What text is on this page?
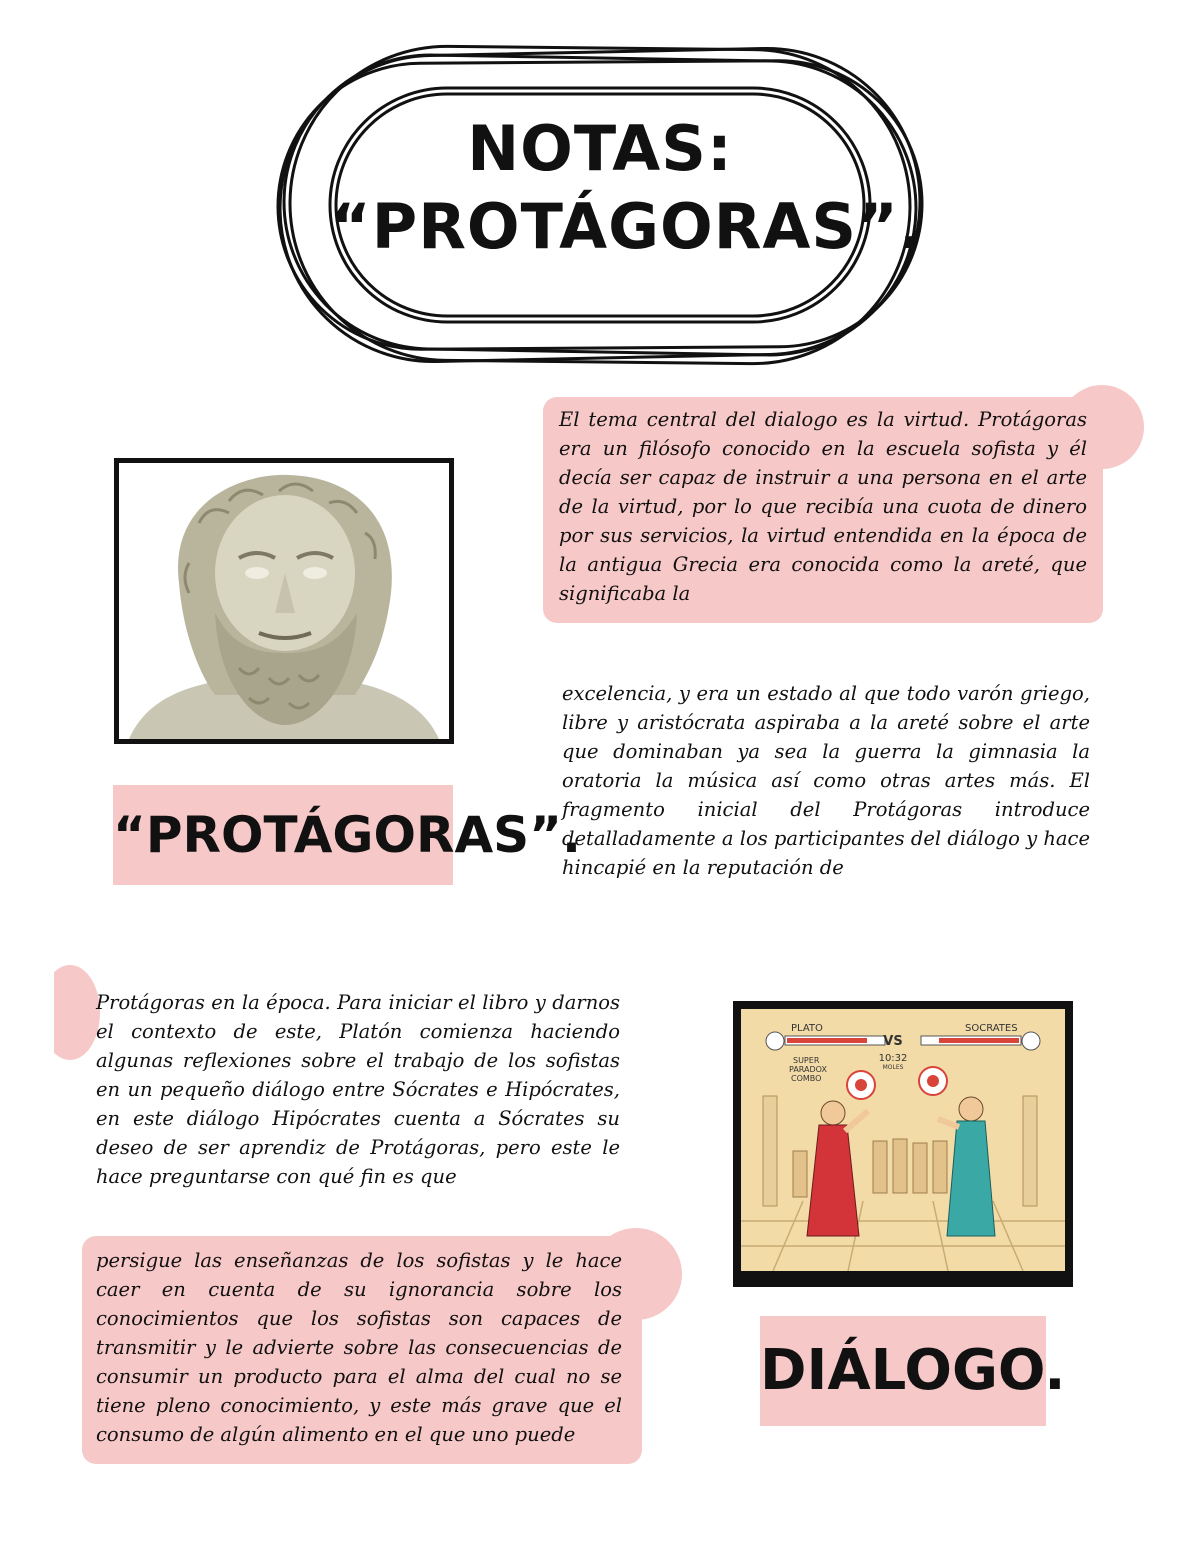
NOTAS:
“PROTÁGORAS”.
“PROTÁGORAS”.
El tema central del dialogo es la virtud. Protágoras era un filósofo conocido en la escuela sofista y él decía ser capaz de instruir a una persona en el arte de la virtud, por lo que recibía una cuota de dinero por sus servicios, la virtud entendida en la época de la antigua Grecia era conocida como la areté, que significaba la
excelencia, y era un estado al que todo varón griego, libre y aristócrata aspiraba a la areté sobre el arte que dominaban ya sea la guerra la gimnasia la oratoria la música así como otras artes más. El fragmento inicial del Protágoras introduce detalladamente a los participantes del diálogo y hace hincapié en la reputación de
Protágoras en la época. Para iniciar el libro y darnos el contexto de este, Platón comienza haciendo algunas reflexiones sobre el trabajo de los sofistas en un pequeño diálogo entre Sócrates e Hipócrates, en este diálogo Hipócrates cuenta a Sócrates su deseo de ser aprendiz de Protágoras, pero este le hace preguntarse con qué fin es que
persigue las enseñanzas de los sofistas y le hace caer en cuenta de su ignorancia sobre los conocimientos que los sofistas son capaces de transmitir y le advierte sobre las consecuencias de consumir un producto para el alma del cual no se tiene pleno conocimiento, y este más grave que el consumo de algún alimento en el que uno puede
PLATO	SOCRATES
VS
10:32
MOLES
SUPER
PARADOX
COMBO
DIÁLOGO.
